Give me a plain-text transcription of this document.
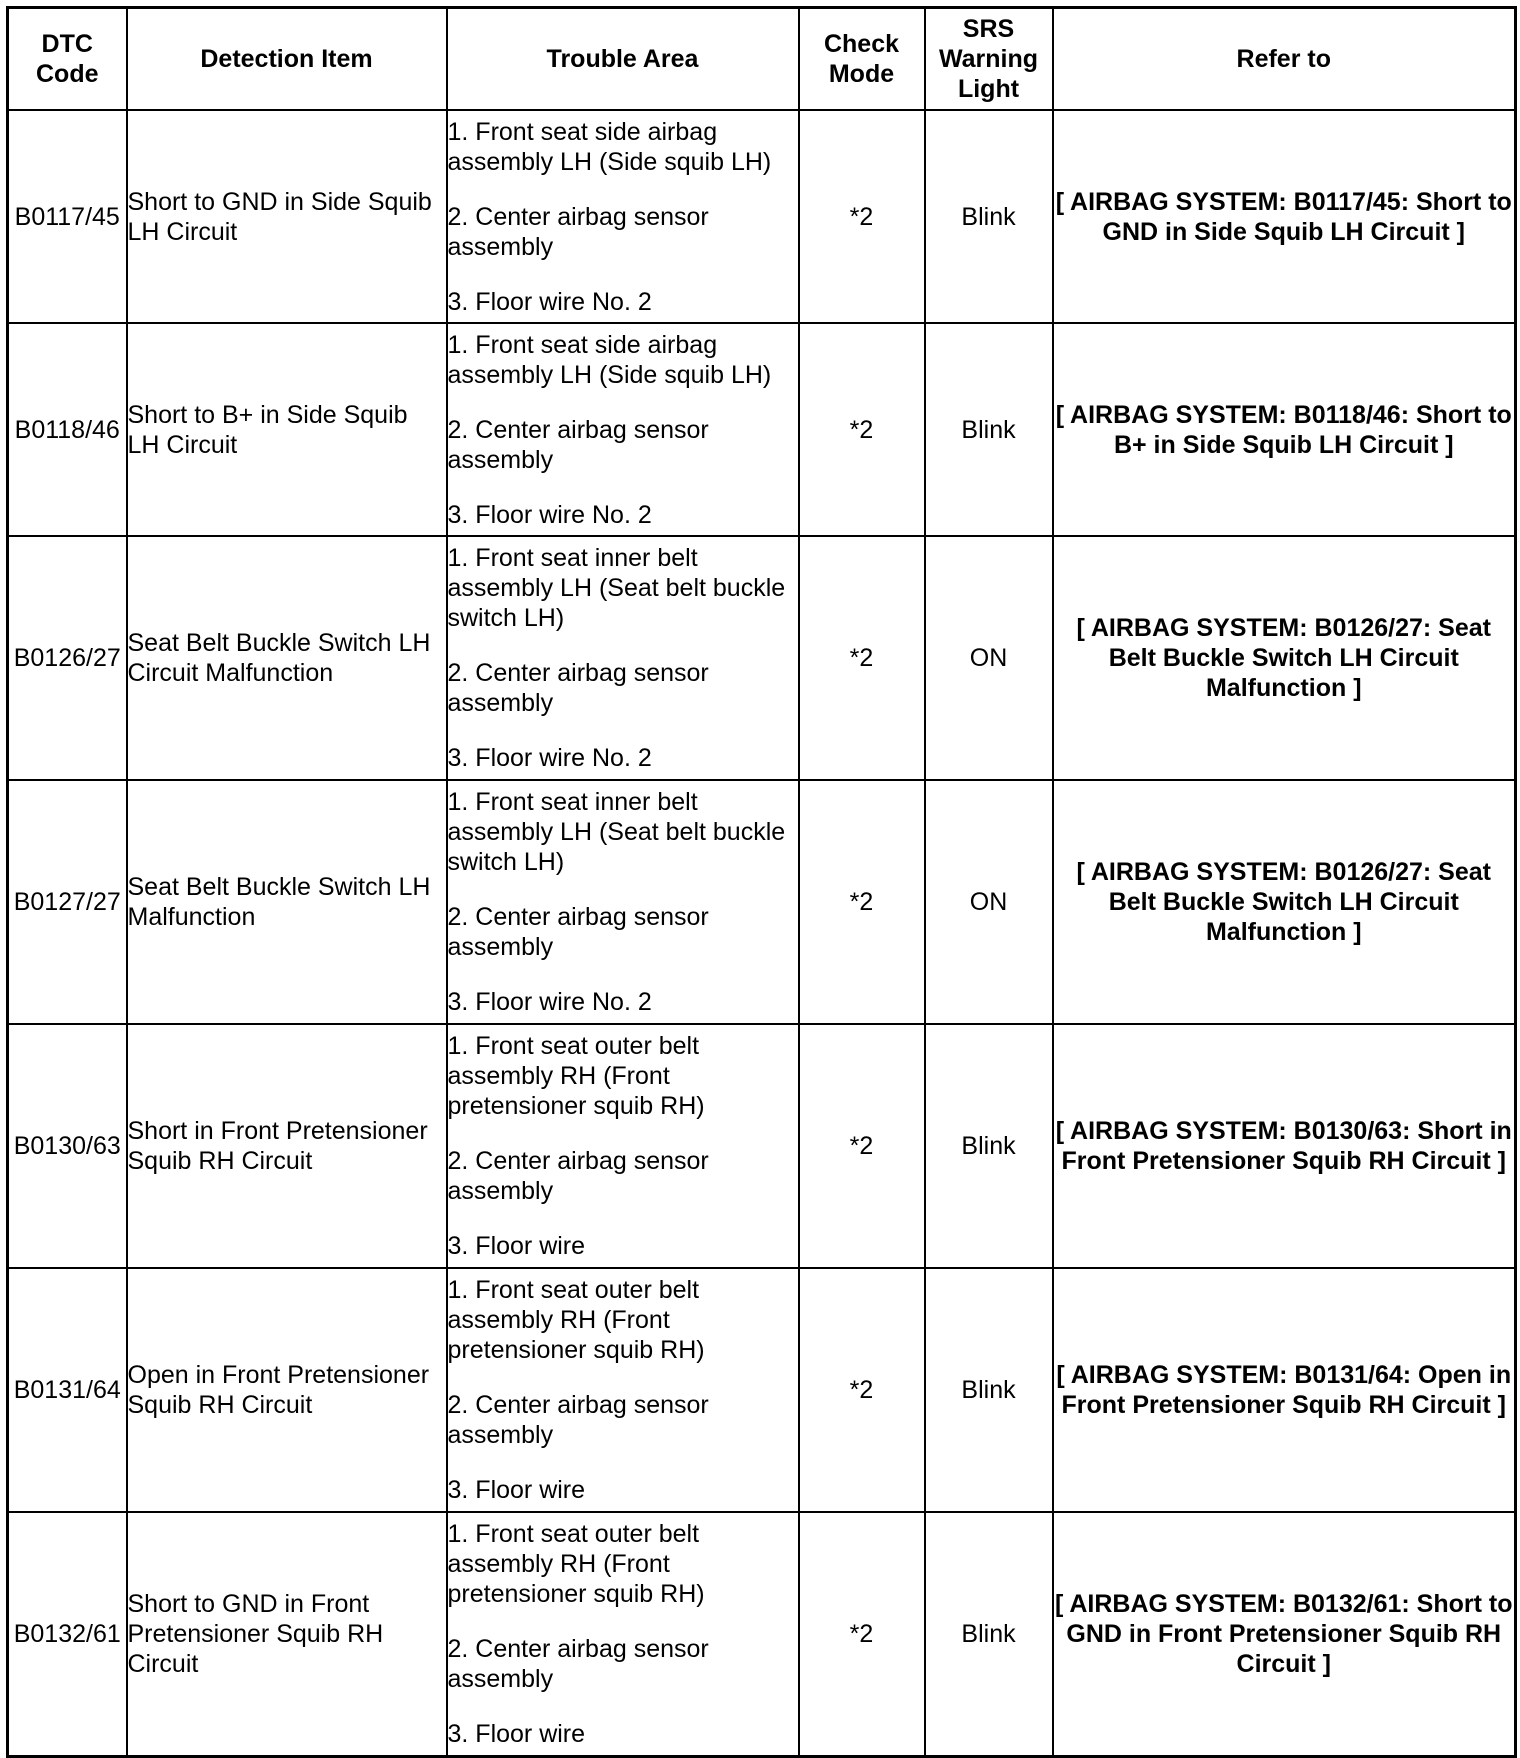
DTC Code	Detection Item	Trouble Area	Check Mode	SRS Warning Light	Refer to
B0117/45	Short to GND in Side Squib LH Circuit	1. Front seat side airbag assembly LH (Side squib LH)
2. Center airbag sensor assembly
3. Floor wire No. 2	*2	Blink	[ AIRBAG SYSTEM: B0117/45: Short to GND in Side Squib LH Circuit ]
B0118/46	Short to B+ in Side Squib LH Circuit	1. Front seat side airbag assembly LH (Side squib LH)
2. Center airbag sensor assembly
3. Floor wire No. 2	*2	Blink	[ AIRBAG SYSTEM: B0118/46: Short to B+ in Side Squib LH Circuit ]
B0126/27	Seat Belt Buckle Switch LH Circuit Malfunction	1. Front seat inner belt assembly LH (Seat belt buckle switch LH)
2. Center airbag sensor assembly
3. Floor wire No. 2	*2	ON	[ AIRBAG SYSTEM: B0126/27: Seat Belt Buckle Switch LH Circuit Malfunction ]
B0127/27	Seat Belt Buckle Switch LH Malfunction	1. Front seat inner belt assembly LH (Seat belt buckle switch LH)
2. Center airbag sensor assembly
3. Floor wire No. 2	*2	ON	[ AIRBAG SYSTEM: B0126/27: Seat Belt Buckle Switch LH Circuit Malfunction ]
B0130/63	Short in Front Pretensioner Squib RH Circuit	1. Front seat outer belt assembly RH (Front pretensioner squib RH)
2. Center airbag sensor assembly
3. Floor wire	*2	Blink	[ AIRBAG SYSTEM: B0130/63: Short in Front Pretensioner Squib RH Circuit ]
B0131/64	Open in Front Pretensioner Squib RH Circuit	1. Front seat outer belt assembly RH (Front pretensioner squib RH)
2. Center airbag sensor assembly
3. Floor wire	*2	Blink	[ AIRBAG SYSTEM: B0131/64: Open in Front Pretensioner Squib RH Circuit ]
B0132/61	Short to GND in Front Pretensioner Squib RH Circuit	1. Front seat outer belt assembly RH (Front pretensioner squib RH)
2. Center airbag sensor assembly
3. Floor wire	*2	Blink	[ AIRBAG SYSTEM: B0132/61: Short to GND in Front Pretensioner Squib RH Circuit ]
